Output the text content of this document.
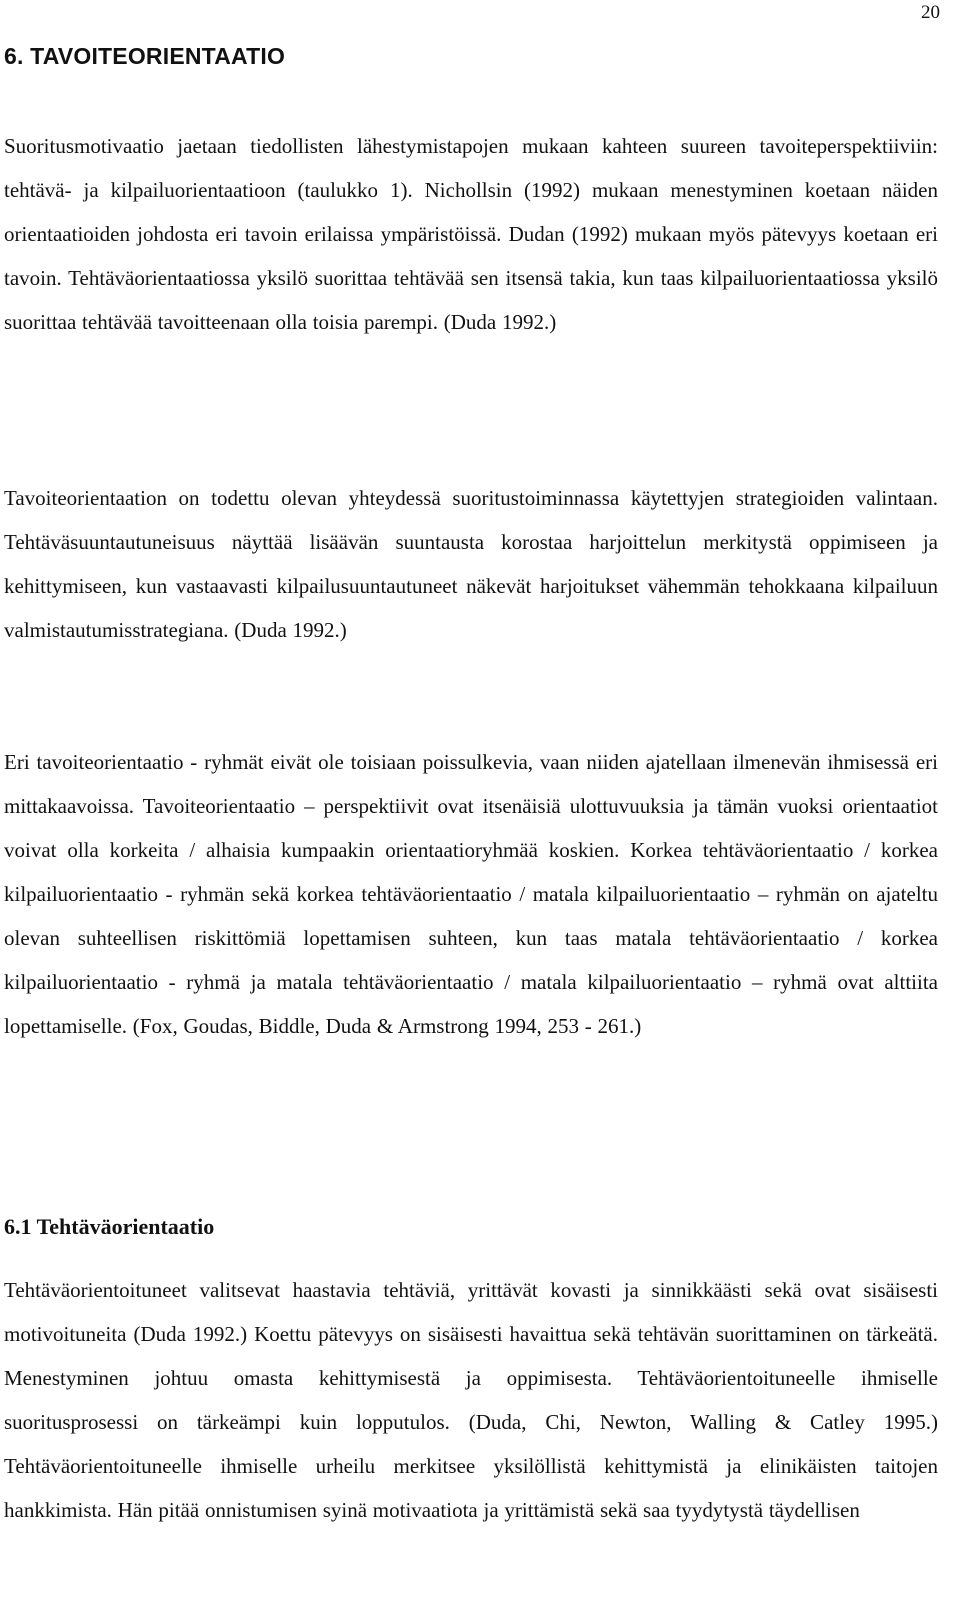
20
6. TAVOITEORIENTAATIO

Suoritusmotivaatio jaetaan tiedollisten lähestymistapojen mukaan kahteen suureen tavoiteperspektiiviin: tehtävä- ja kilpailuorientaatioon (taulukko 1). Nichollsin (1992) mukaan menestyminen koetaan näiden orientaatioiden johdosta eri tavoin erilaissa ympäristöissä. Dudan (1992) mukaan myös pätevyys koetaan eri tavoin. Tehtäväorientaatiossa yksilö suorittaa tehtävää sen itsensä takia, kun taas kilpailuorientaatiossa yksilö suorittaa tehtävää tavoitteenaan olla toisia parempi. (Duda 1992.)

Tavoiteorientaation on todettu olevan yhteydessä suoritustoiminnassa käytettyjen strategioiden valintaan. Tehtäväsuuntautuneisuus näyttää lisäävän suuntausta korostaa harjoittelun merkitystä oppimiseen ja kehittymiseen, kun vastaavasti kilpailusuuntautuneet näkevät harjoitukset vähemmän tehokkaana kilpailuun valmistautumisstrategiana. (Duda 1992.)

Eri tavoiteorientaatio - ryhmät eivät ole toisiaan poissulkevia, vaan niiden ajatellaan ilmenevän ihmisessä eri mittakaavoissa. Tavoiteorientaatio – perspektiivit ovat itsenäisiä ulottuvuuksia ja tämän vuoksi orientaatiot voivat olla korkeita / alhaisia kumpaakin orientaatioryhmää koskien. Korkea tehtäväorientaatio / korkea kilpailuorientaatio - ryhmän sekä korkea tehtäväorientaatio / matala kilpailuorientaatio – ryhmän on ajateltu olevan suhteellisen riskittömiä lopettamisen suhteen, kun taas matala tehtäväorientaatio / korkea kilpailuorientaatio - ryhmä ja matala tehtäväorientaatio / matala kilpailuorientaatio – ryhmä ovat alttiita lopettamiselle. (Fox, Goudas, Biddle, Duda & Armstrong 1994, 253 - 261.)

6.1 Tehtäväorientaatio

Tehtäväorientoituneet valitsevat haastavia tehtäviä, yrittävät kovasti ja sinnikkäästi sekä ovat sisäisesti motivoituneita (Duda 1992.) Koettu pätevyys on sisäisesti havaittua sekä tehtävän suorittaminen on tärkeätä. Menestyminen johtuu omasta kehittymisestä ja oppimisesta. Tehtäväorientoituneelle ihmiselle suoritusprosessi on tärkeämpi kuin lopputulos. (Duda, Chi, Newton, Walling & Catley 1995.) Tehtäväorientoituneelle ihmiselle urheilu merkitsee yksilöllistä kehittymistä ja elinikäisten taitojen hankkimista. Hän pitää onnistumisen syinä motivaatiota ja yrittämistä sekä saa tyydytystä täydellisen
